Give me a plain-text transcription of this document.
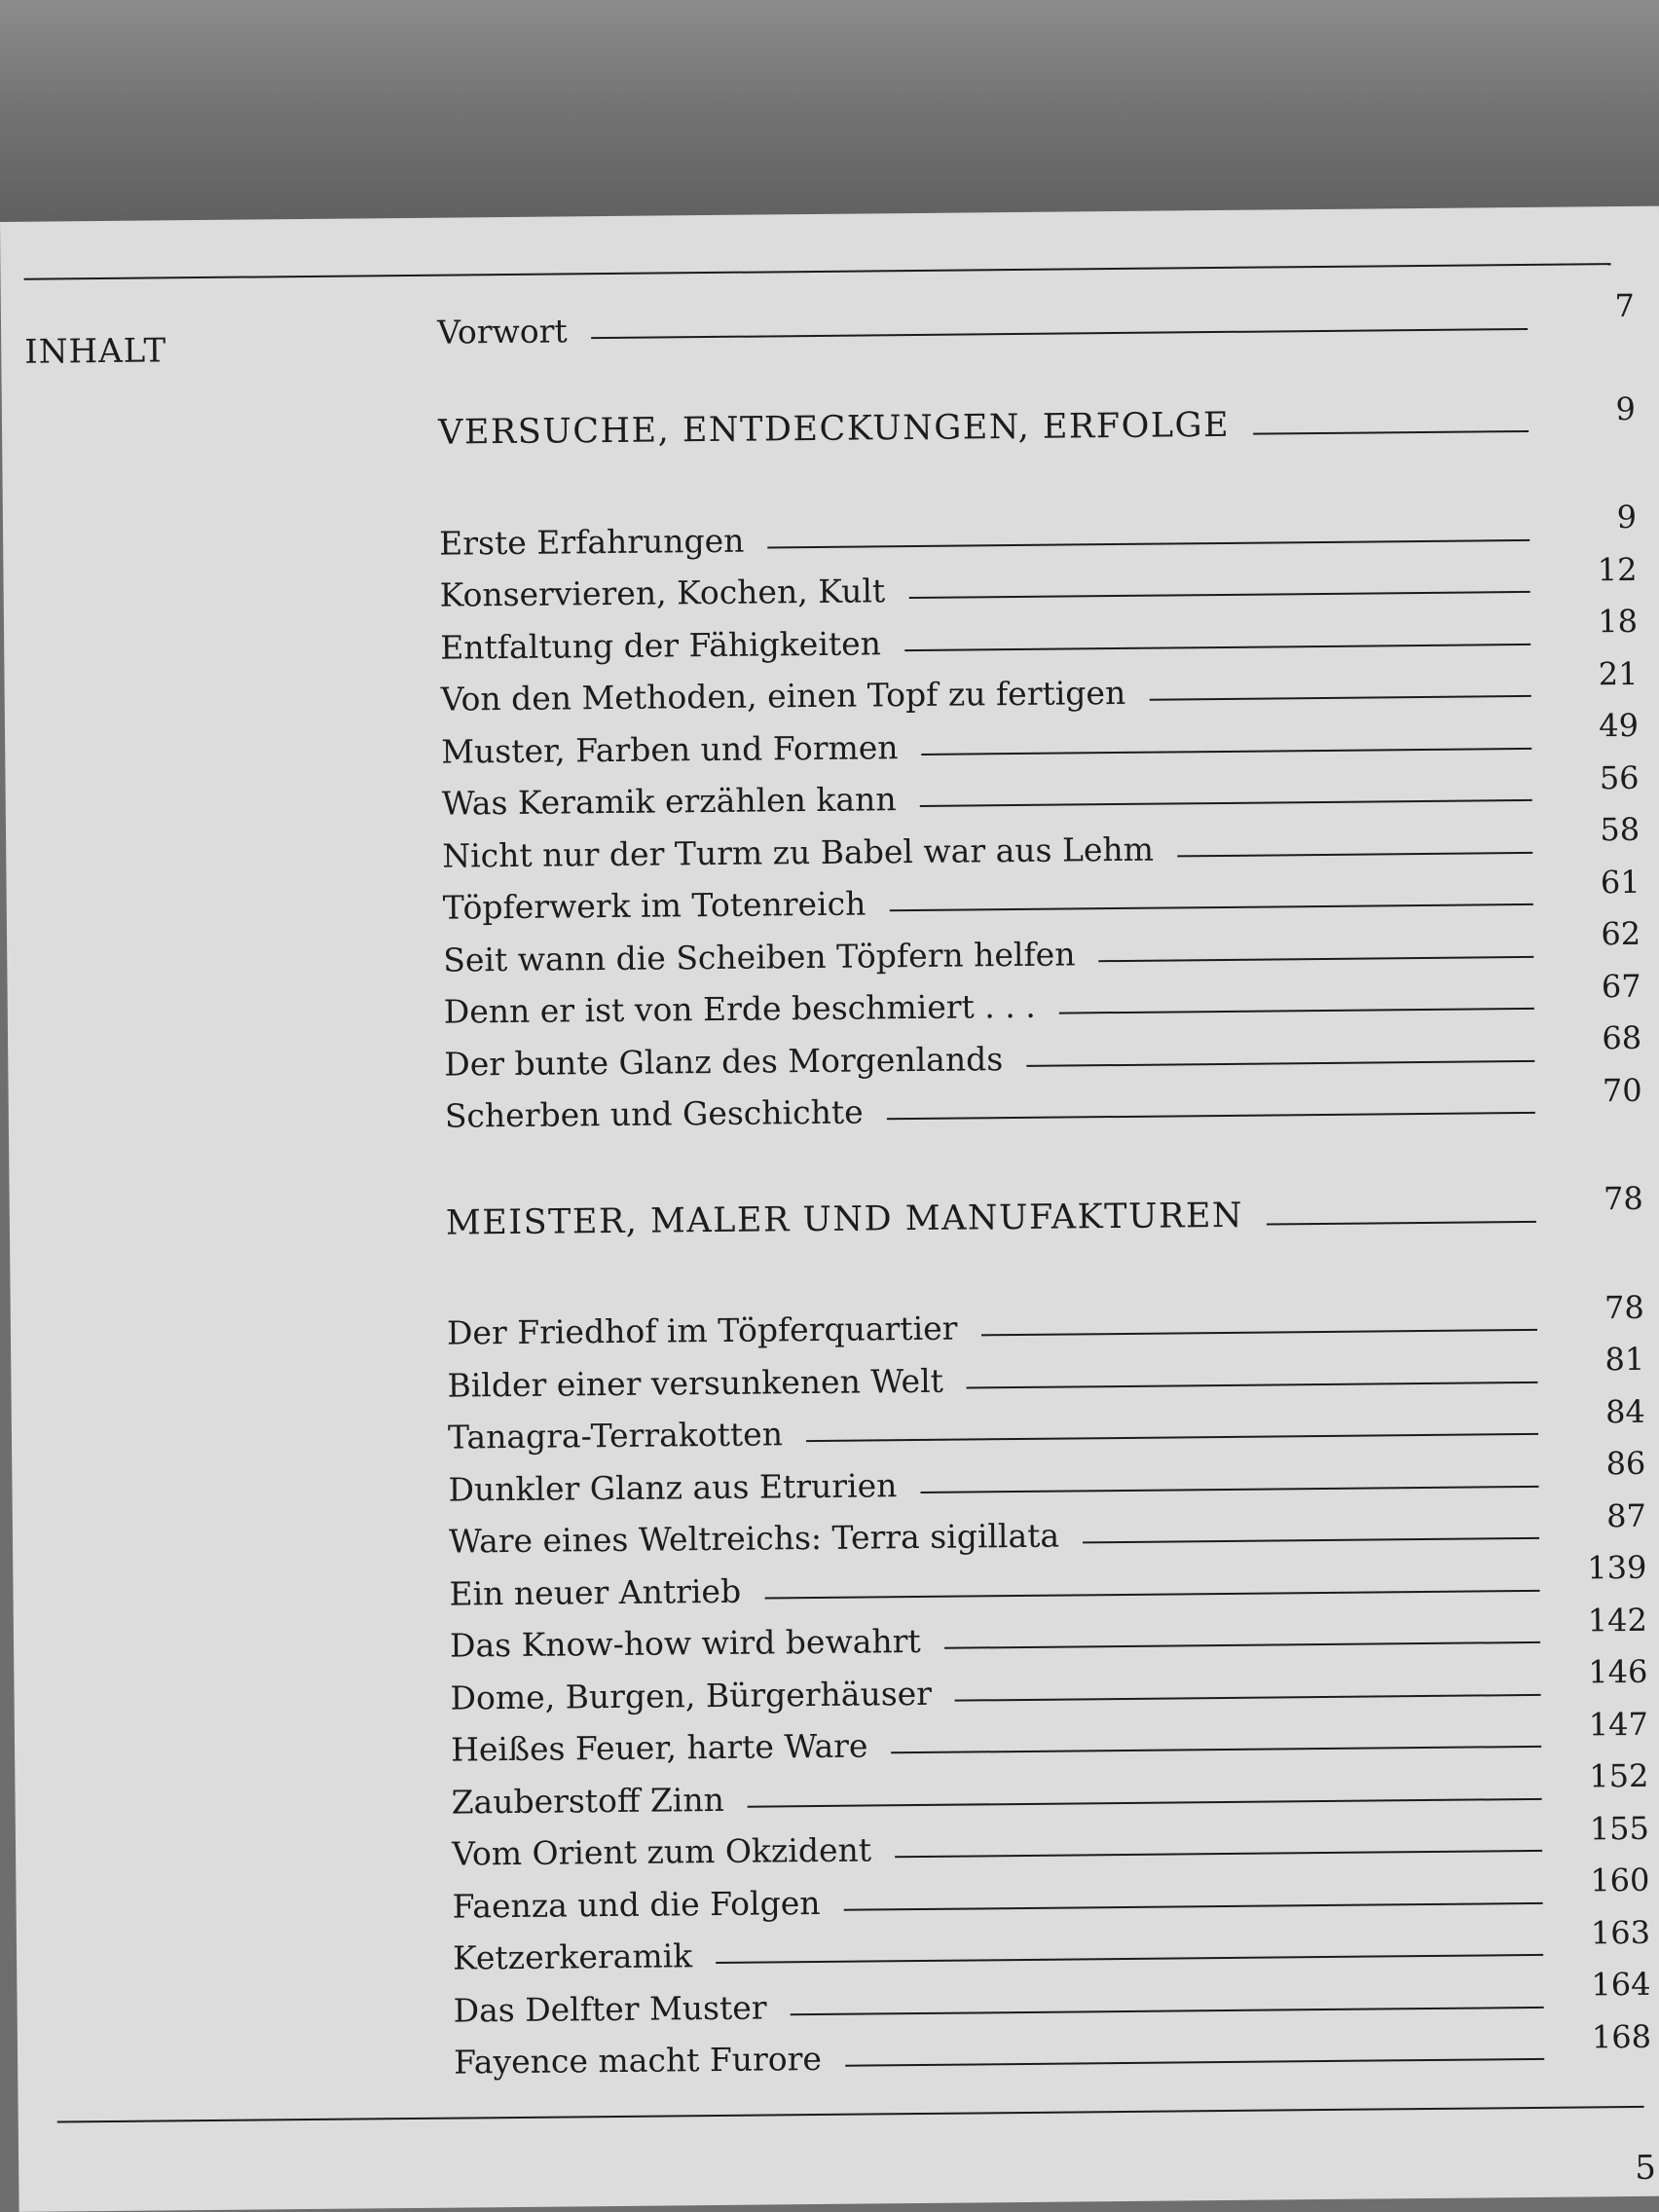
INHALT
Vorwort
7
VERSUCHE, ENTDECKUNGEN, ERFOLGE	9
Erste Erfahrungen
9
Konservieren, Kochen, Kult
12
Entfaltung der Fähigkeiten
18
Von den Methoden, einen Topf zu fertigen
21
Muster, Farben und Formen
49
Was Keramik erzählen kann
56
Nicht nur der Turm zu Babel war aus Lehm
58
Töpferwerk im Totenreich
61
Seit wann die Scheiben Töpfern helfen
62
Denn er ist von Erde beschmiert . . .
67
Der bunte Glanz des Morgenlands
68
Scherben und Geschichte
70
MEISTER, MALER UND MANUFAKTUREN	78
Der Friedhof im Töpferquartier
78
Bilder einer versunkenen Welt
81
Tanagra-Terrakotten
84
Dunkler Glanz aus Etrurien
86
Ware eines Weltreichs: Terra sigillata
87
Ein neuer Antrieb
139
Das Know-how wird bewahrt
142
Dome, Burgen, Bürgerhäuser
146
Heißes Feuer, harte Ware
147
Zauberstoff Zinn
152
Vom Orient zum Okzident
155
Faenza und die Folgen
160
Ketzerkeramik
163
Das Delfter Muster
164
Fayence macht Furore
168
5
